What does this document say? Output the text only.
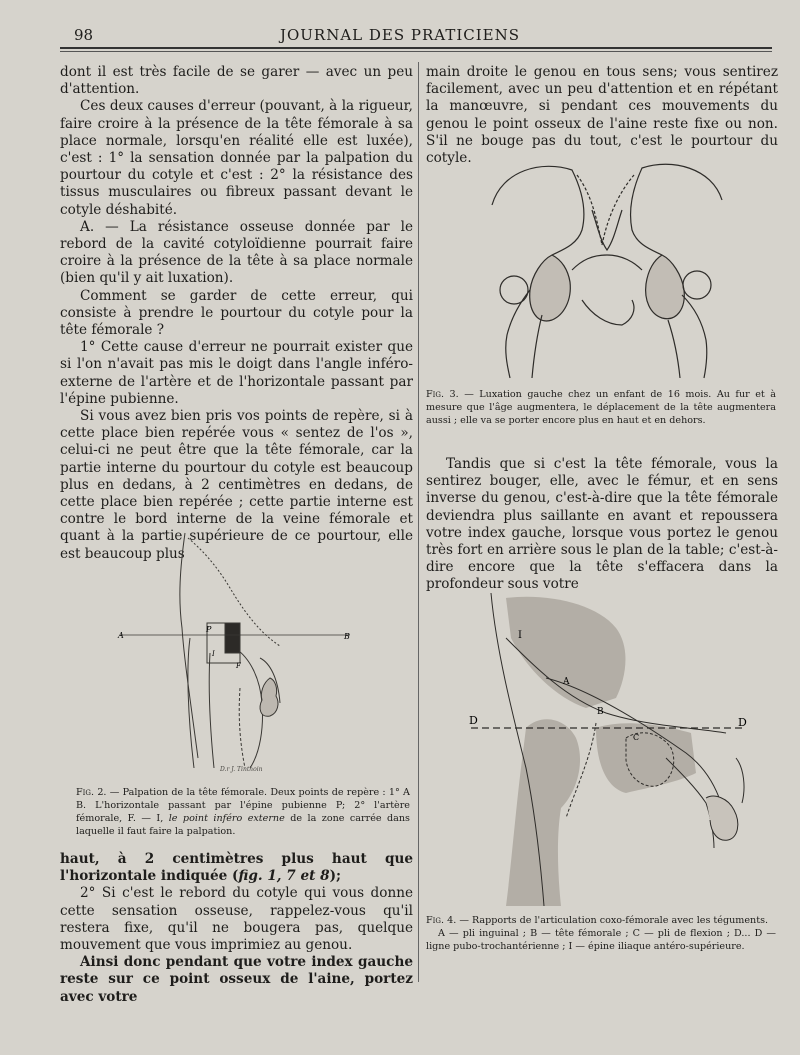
98	JOURNAL DES PRATICIENS

dont il est très facile de se garer — avec un peu d'attention.

Ces deux causes d'erreur (pouvant, à la rigueur, faire croire à la présence de la tête fémorale à sa place normale, lorsqu'en réalité elle est luxée), c'est : 1° la sensation donnée par la palpation du pourtour du cotyle et c'est : 2° la résistance des tissus musculaires ou fibreux passant devant le cotyle déshabité.

A. — La résistance osseuse donnée par le rebord de la cavité cotyloïdienne pourrait faire croire à la présence de la tête à sa place normale (bien qu'il y ait luxation).

Comment se garder de cette erreur, qui consiste à prendre le pourtour du cotyle pour la tête fémorale ?

1° Cette cause d'erreur ne pourrait exister que si l'on n'avait pas mis le doigt dans l'angle inféro-externe de l'artère et de l'horizontale passant par l'épine pubienne.

Si vous avez bien pris vos points de repère, si à cette place bien repérée vous « sentez de l'os », celui-ci ne peut être que la tête fémorale, car la partie interne du pourtour du cotyle est beaucoup plus en dedans, à 2 centimètres en dedans, de cette place bien repérée ; cette partie interne est contre le bord interne de la veine fémorale et quant à la partie supérieure de ce pourtour, elle est beaucoup plus

A	B
P
F
I
D.r J. Tinthoin
Fig. 2. — Palpation de la tête fémorale. Deux points de repère : 1° A B. L'horizontale passant par l'épine pubienne P; 2° l'artère fémorale, F. — I, le point inféro externe de la zone carrée dans laquelle il faut faire la palpation.

haut, à 2 centimètres plus haut que l'horizontale indiquée (fig. 1, 7 et 8);

2° Si c'est le rebord du cotyle qui vous donne cette sensation osseuse, rappelez-vous qu'il restera fixe, qu'il ne bougera pas, quelque mouvement que vous imprimiez au genou.

Ainsi donc pendant que votre index gauche reste sur ce point osseux de l'aine, portez avec votre

main droite le genou en tous sens; vous sentirez facilement, avec un peu d'attention et en répétant la manœuvre, si pendant ces mouvements du genou le point osseux de l'aine reste fixe ou non. S'il ne bouge pas du tout, c'est le pourtour du cotyle.

Fig. 3. — Luxation gauche chez un enfant de 16 mois. Au fur et à mesure que l'âge augmentera, le déplacement de la tête augmentera aussi ; elle va se porter encore plus en haut et en dehors.

Tandis que si c'est la tête fémorale, vous la sentirez bouger, elle, avec le fémur, et en sens inverse du genou, c'est-à-dire que la tête fémorale deviendra plus saillante en avant et repoussera votre index gauche, lorsque vous portez le genou très fort en arrière sous le plan de la table; c'est-à-dire encore que la tête s'effacera dans la profondeur sous votre

D	D
I
A
B
C
Fig. 4. — Rapports de l'articulation coxo-fémorale avec les téguments.
A — pli inguinal ; B — tête fémorale ; C — pli de flexion ; D... D — ligne pubo-trochantérienne ; I — épine iliaque antéro-supérieure.
